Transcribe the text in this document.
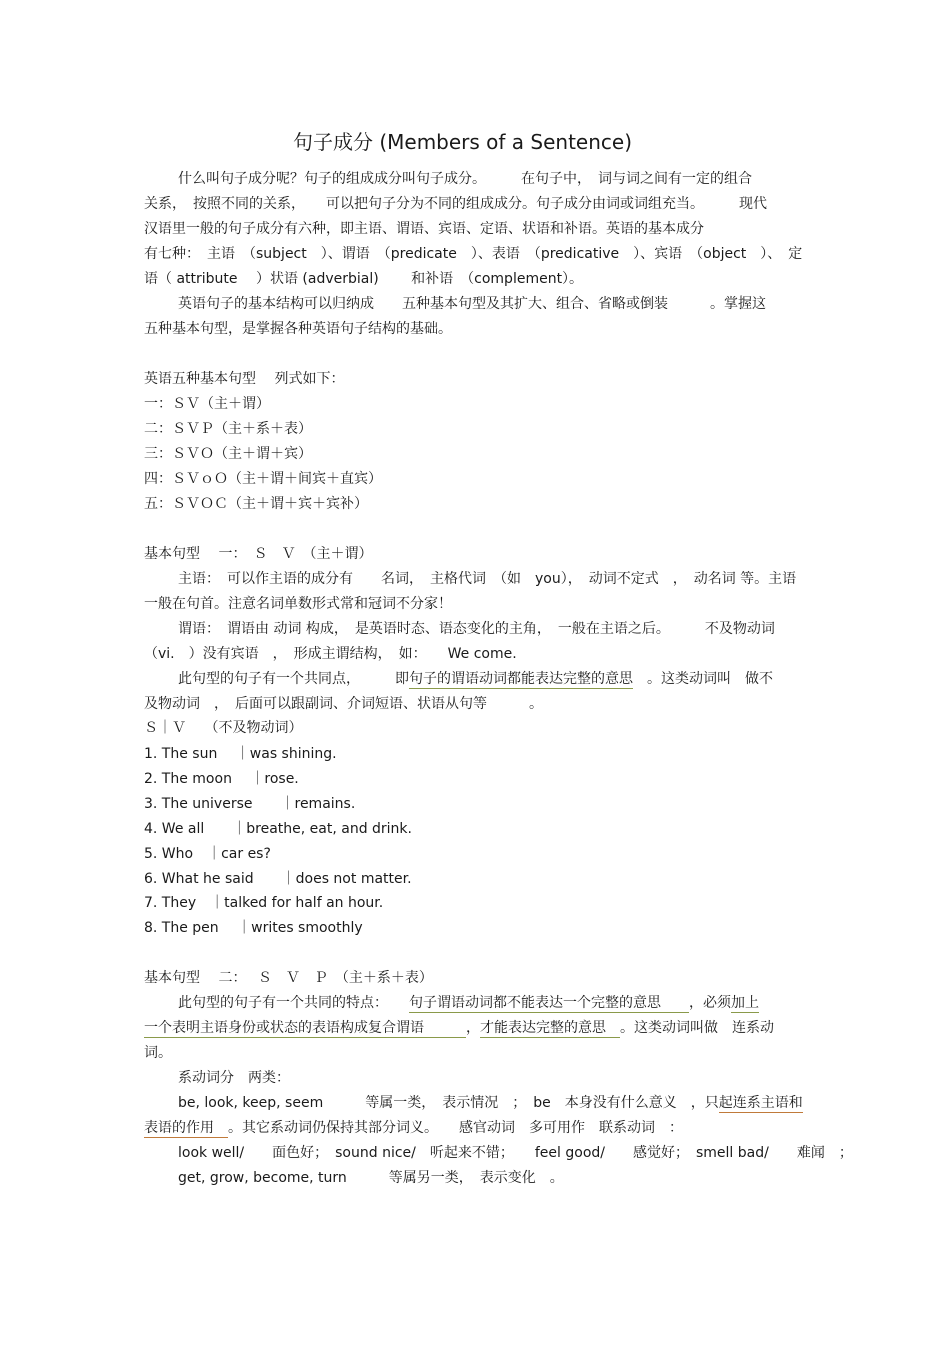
句子成分 (Members of a Sentence)
什么叫句子成分呢？句子的组成成分叫句子成分。　　　在句子中，　词与词之间有一定的组合
关系，　按照不同的关系，　　可以把句子分为不同的组成成分。句子成分由词或词组充当。　　　现代
汉语里一般的句子成分有六种，即主语、谓语、宾语、定语、状语和补语。英语的基本成分
有七种：　主语　（subject　）、谓语　（predicate　）、表语　（predicative　）、宾语　（object　）、　定
语（ attribute　 ）状语 (adverbial)　　 和补语　（complement）。
英语句子的基本结构可以归纳成　　五种基本句型及其扩大、组合、省略或倒装　　　。掌握这
五种基本句型，是掌握各种英语句子结构的基础。
英语五种基本句型　 列式如下：
一：ＳＶ（主＋谓）
二：ＳＶＰ（主＋系＋表）
三：ＳＶＯ（主＋谓＋宾）
四：ＳＶｏＯ（主＋谓＋间宾＋直宾）
五：ＳＶＯＣ（主＋谓＋宾＋宾补）
基本句型　 一：　Ｓ　Ｖ　（主＋谓）
主语：　可以作主语的成分有　　名词，　主格代词　（如　you），　动词不定式　，　动名词 等。主语
一般在句首。注意名词单数形式常和冠词不分家！
谓语：　谓语由 动词 构成，　是英语时态、语态变化的主角，　一般在主语之后。　　　不及物动词
（vi.　）没有宾语　，　形成主谓结构，　如：　　We come.
此句型的句子有一个共同点，　　　即句子的谓语动词都能表达完整的意思　 。这类动词叫　做不
及物动词　，　后面可以跟副词、介词短语、状语从句等　　　。
Ｓ｜Ｖ　 （不及物动词）
1. The sun　 ｜was shining.
2. The moon　 ｜rose.
3. The universe　　｜remains.
4. We all　　｜breathe, eat, and drink.
5. Who　｜car es?
6. What he said　　｜does not matter.
7. They　｜talked for half an hour.
8. The pen　 ｜writes smoothly
基本句型　 二：　 Ｓ　Ｖ　Ｐ　（主＋系＋表）
此句型的句子有一个共同的特点：　　句子谓语动词都不能表达一个完整的意思　　，必须加上
一个表明主语身份或状态的表语构成复合谓语　　　，才能表达完整的意思　。这类动词叫做　连系动
词。
系动词分　两类：
be, look, keep, seem　　　等属一类，　表示情况　；　be　本身没有什么意义　，只起连系主语和
表语的作用　。其它系动词仍保持其部分词义。　　感官动词　多可用作　联系动词　：
look well/　　面色好；　sound nice/　听起来不错；　　feel good/　　感觉好；　smell bad/　　难闻　；
get, grow, become, turn　　　等属另一类，　表示变化　。
